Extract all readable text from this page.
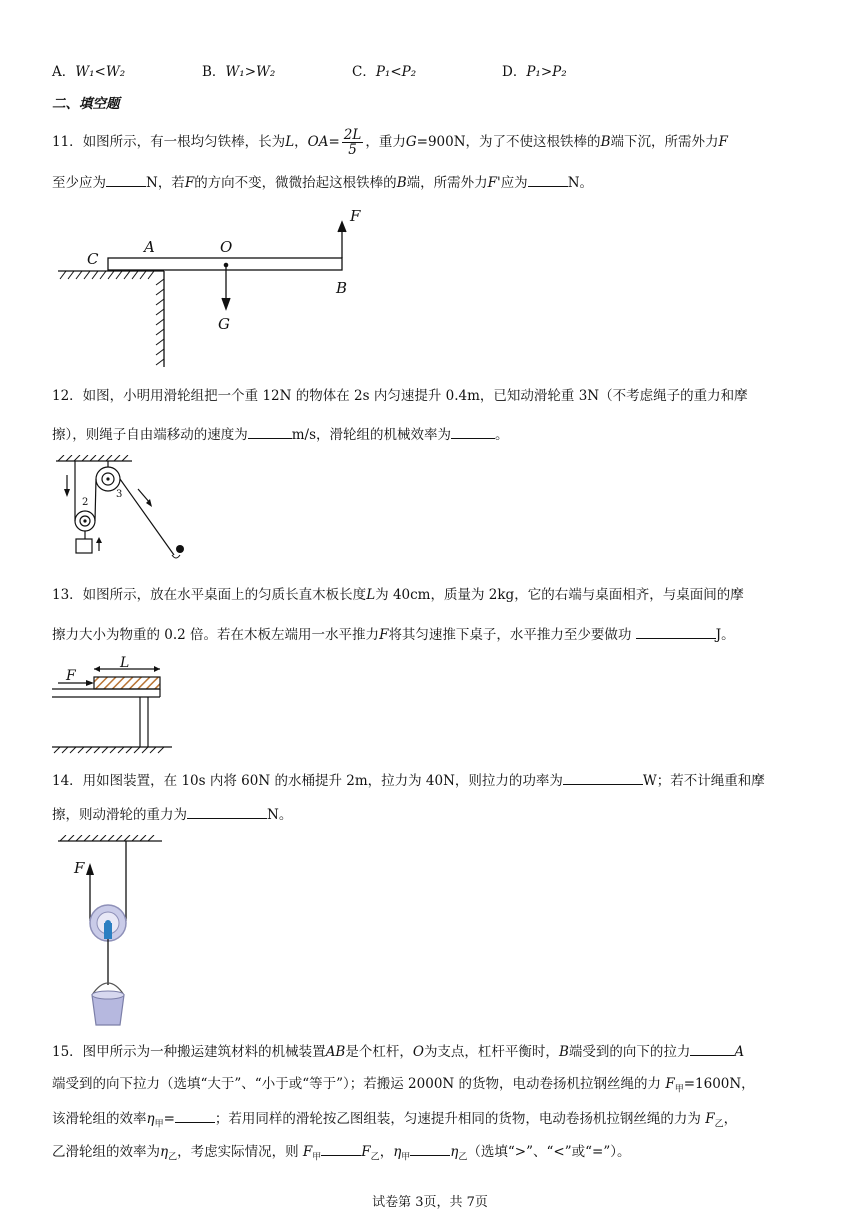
A．W₁<W₂	B．W₁>W₂	C．P₁<P₂	D．P₁>P₂
二、填空题
11．如图所示，有一根均匀铁棒，长为L，$OA= \frac{2L}{5}$ ，重力G=900N，为了不使这根铁棒的B端下沉，所需外力F
至少应为	N，若F的方向不变，微微抬起这根铁棒的B端，所需外力F'应为	N。
C
A	O
F
B
G
12．如图，小明用滑轮组把一个重 12N 的物体在 2s 内匀速提升 0.4m，已知动滑轮重 3N（不考虑绳子的重力和摩
擦），则绳子自由端移动的速度为	m/s，滑轮组的机械效率为	。
2
3
13．如图所示，放在水平桌面上的匀质长直木板长度L为 40cm，质量为 2kg，它的右端与桌面相齐，与桌面间的摩
擦力大小为物重的 0.2 倍。若在木板左端用一水平推力F将其匀速推下桌子，水平推力至少要做功	J。
F
L
14．用如图装置，在 10s 内将 60N 的水桶提升 2m，拉力为 40N，则拉力的功率为	W；若不计绳重和摩
擦，则动滑轮的重力为	N。
F
15．图甲所示为一种搬运建筑材料的机械装置AB是个杠杆，O为支点，杠杆平衡时，B端受到的向下的拉力	A
端受到的向下拉力（选填“大于”、“小于或“等于”）；若搬运 2000N 的货物，电动卷扬机拉钢丝绳的力 $F_甲=1600N$，
该滑轮组的效率$\eta_甲=$	；若用同样的滑轮按乙图组装，匀速提升相同的货物，电动卷扬机拉钢丝绳的力为 $F_乙$，
乙滑轮组的效率为$\eta_乙$，考虑实际情况，则 $F_甲$	$F_乙$，$\eta_甲$	$\eta_乙$（选填“>”、“<”或“=”）。
试卷第 3页，共 7页
